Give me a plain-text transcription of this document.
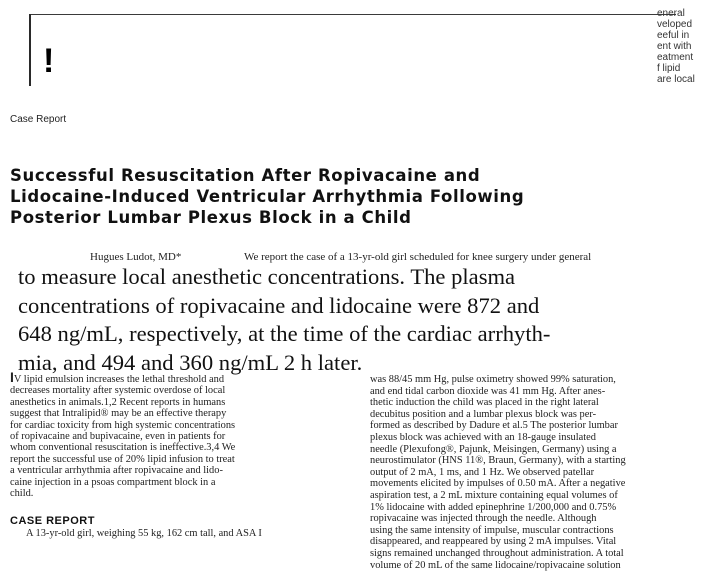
!
eneral
veloped
eeful in
ent with
eatment
f lipid
are local
Case Report
Successful Resuscitation After Ropivacaine and
Lidocaine-Induced Ventricular Arrhythmia Following
Posterior Lumbar Plexus Block in a Child
Hugues Ludot, MD*	We report the case of a 13-yr-old girl scheduled for knee surgery under general
to measure local anesthetic concentrations. The plasma
concentrations of ropivacaine and lidocaine were 872 and
648 ng/mL, respectively, at the time of the cardiac arrhyth-
mia, and 494 and 360 ng/mL 2 h later.
IV lipid emulsion increases the lethal threshold and
decreases mortality after systemic overdose of local
anesthetics in animals.1,2 Recent reports in humans
suggest that Intralipid® may be an effective therapy
for cardiac toxicity from high systemic concentrations
of ropivacaine and bupivacaine, even in patients for
whom conventional resuscitation is ineffective.3,4 We
report the successful use of 20% lipid infusion to treat
a ventricular arrhythmia after ropivacaine and lido-
caine injection in a psoas compartment block in a
child.
CASE REPORT
A 13-yr-old girl, weighing 55 kg, 162 cm tall, and ASA I
was 88/45 mm Hg, pulse oximetry showed 99% saturation,
and end tidal carbon dioxide was 41 mm Hg. After anes-
thetic induction the child was placed in the right lateral
decubitus position and a lumbar plexus block was per-
formed as described by Dadure et al.5 The posterior lumbar
plexus block was achieved with an 18-gauge insulated
needle (Plexufong®, Pajunk, Meisingen, Germany) using a
neurostimulator (HNS 11®, Braun, Germany), with a starting
output of 2 mA, 1 ms, and 1 Hz. We observed patellar
movements elicited by impulses of 0.50 mA. After a negative
aspiration test, a 2 mL mixture containing equal volumes of
1% lidocaine with added epinephrine 1/200,000 and 0.75%
ropivacaine was injected through the needle. Although
using the same intensity of impulse, muscular contractions
disappeared, and reappeared by using 2 mA impulses. Vital
signs remained unchanged throughout administration. A total
volume of 20 mL of the same lidocaine/ropivacaine solution
